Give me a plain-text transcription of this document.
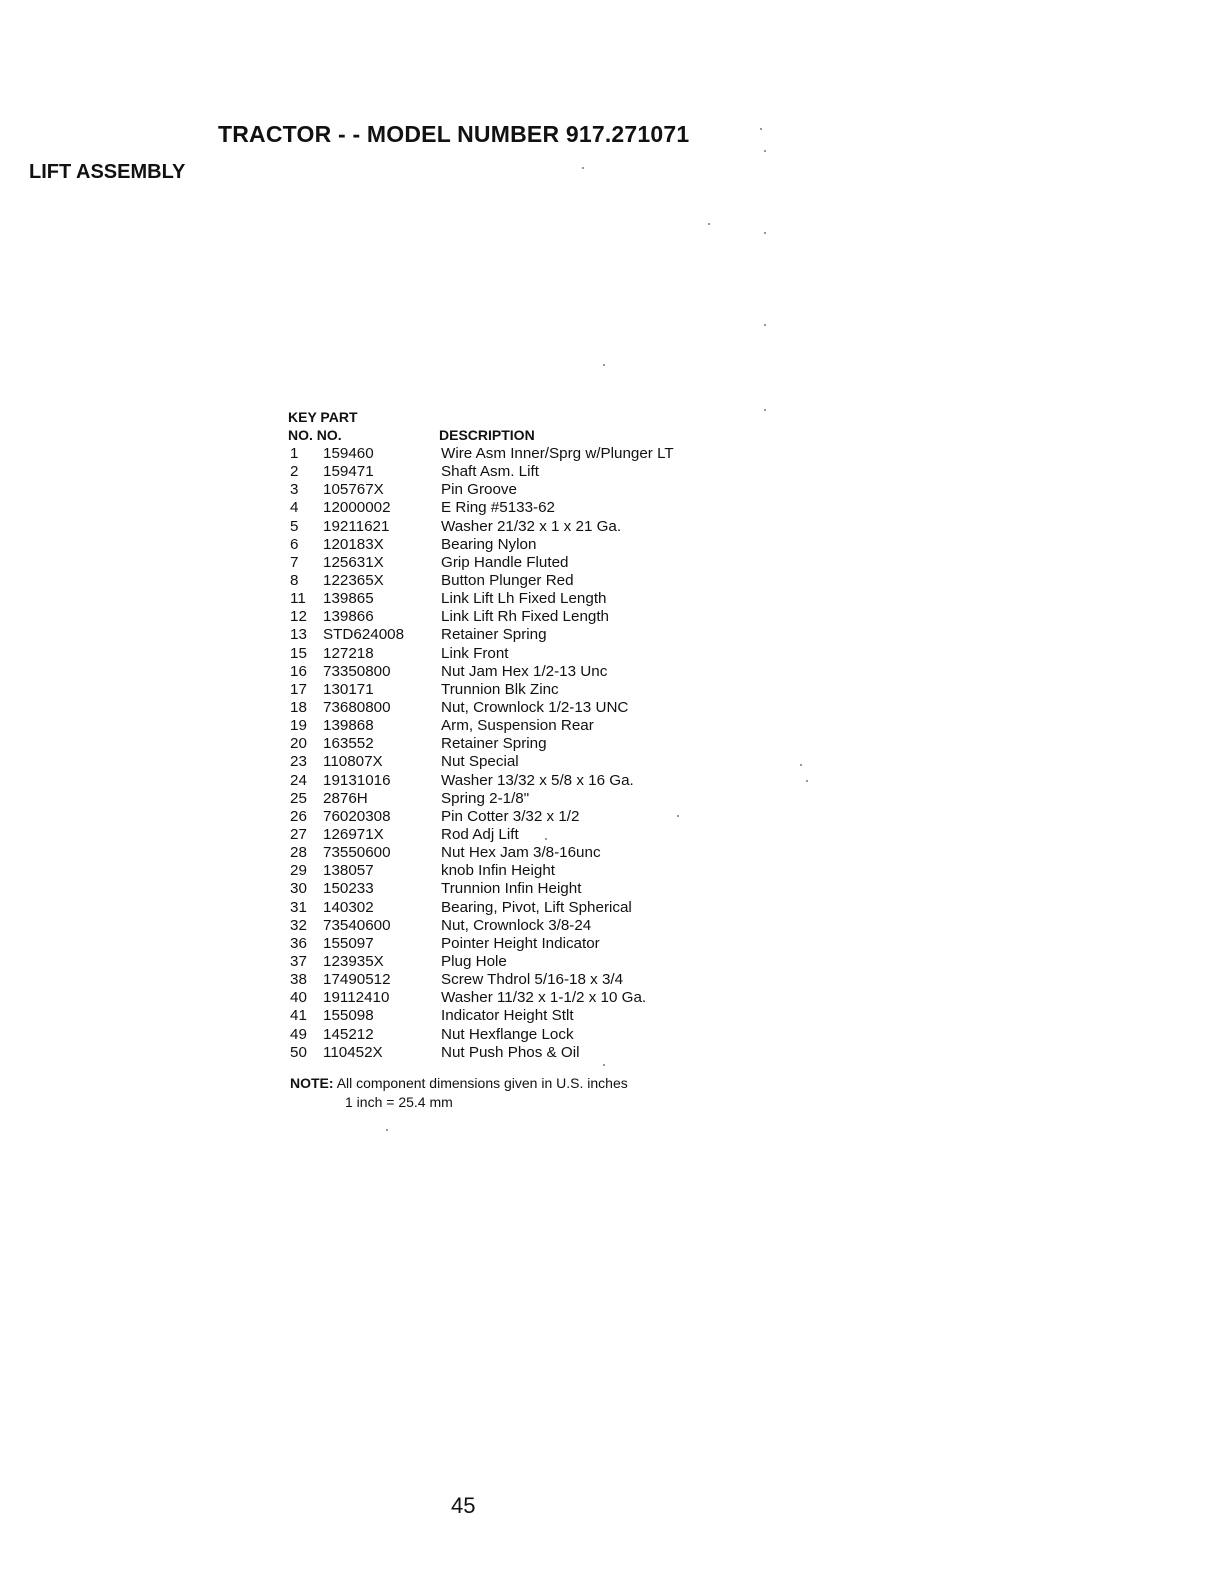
TRACTOR - - MODEL NUMBER 917.271071
LIFT ASSEMBLY
KEY PART
NO. NO.	DESCRIPTION
1	159460	Wire Asm Inner/Sprg w/Plunger LT
2	159471	Shaft Asm. Lift
3	105767X	Pin Groove
4	12000002	E Ring #5133-62
5	19211621	Washer 21/32 x 1 x 21 Ga.
6	120183X	Bearing Nylon
7	125631X	Grip Handle Fluted
8	122365X	Button Plunger Red
11	139865	Link Lift Lh Fixed Length
12	139866	Link Lift Rh Fixed Length
13	STD624008	Retainer Spring
15	127218	Link Front
16	73350800	Nut Jam Hex 1/2-13 Unc
17	130171	Trunnion Blk Zinc
18	73680800	Nut, Crownlock 1/2-13 UNC
19	139868	Arm, Suspension Rear
20	163552	Retainer Spring
23	110807X	Nut Special
24	19131016	Washer 13/32 x 5/8 x 16 Ga.
25	2876H	Spring 2-1/8"
26	76020308	Pin Cotter 3/32 x 1/2
27	126971X	Rod Adj Lift
28	73550600	Nut Hex Jam 3/8-16unc
29	138057	knob Infin Height
30	150233	Trunnion Infin Height
31	140302	Bearing, Pivot, Lift Spherical
32	73540600	Nut, Crownlock 3/8-24
36	155097	Pointer Height Indicator
37	123935X	Plug Hole
38	17490512	Screw Thdrol 5/16-18 x 3/4
40	19112410	Washer 11/32 x 1-1/2 x 10 Ga.
41	155098	Indicator Height Stlt
49	145212	Nut Hexflange Lock
50	110452X	Nut Push Phos & Oil
NOTE: All component dimensions given in U.S. inches
1 inch = 25.4 mm
45
